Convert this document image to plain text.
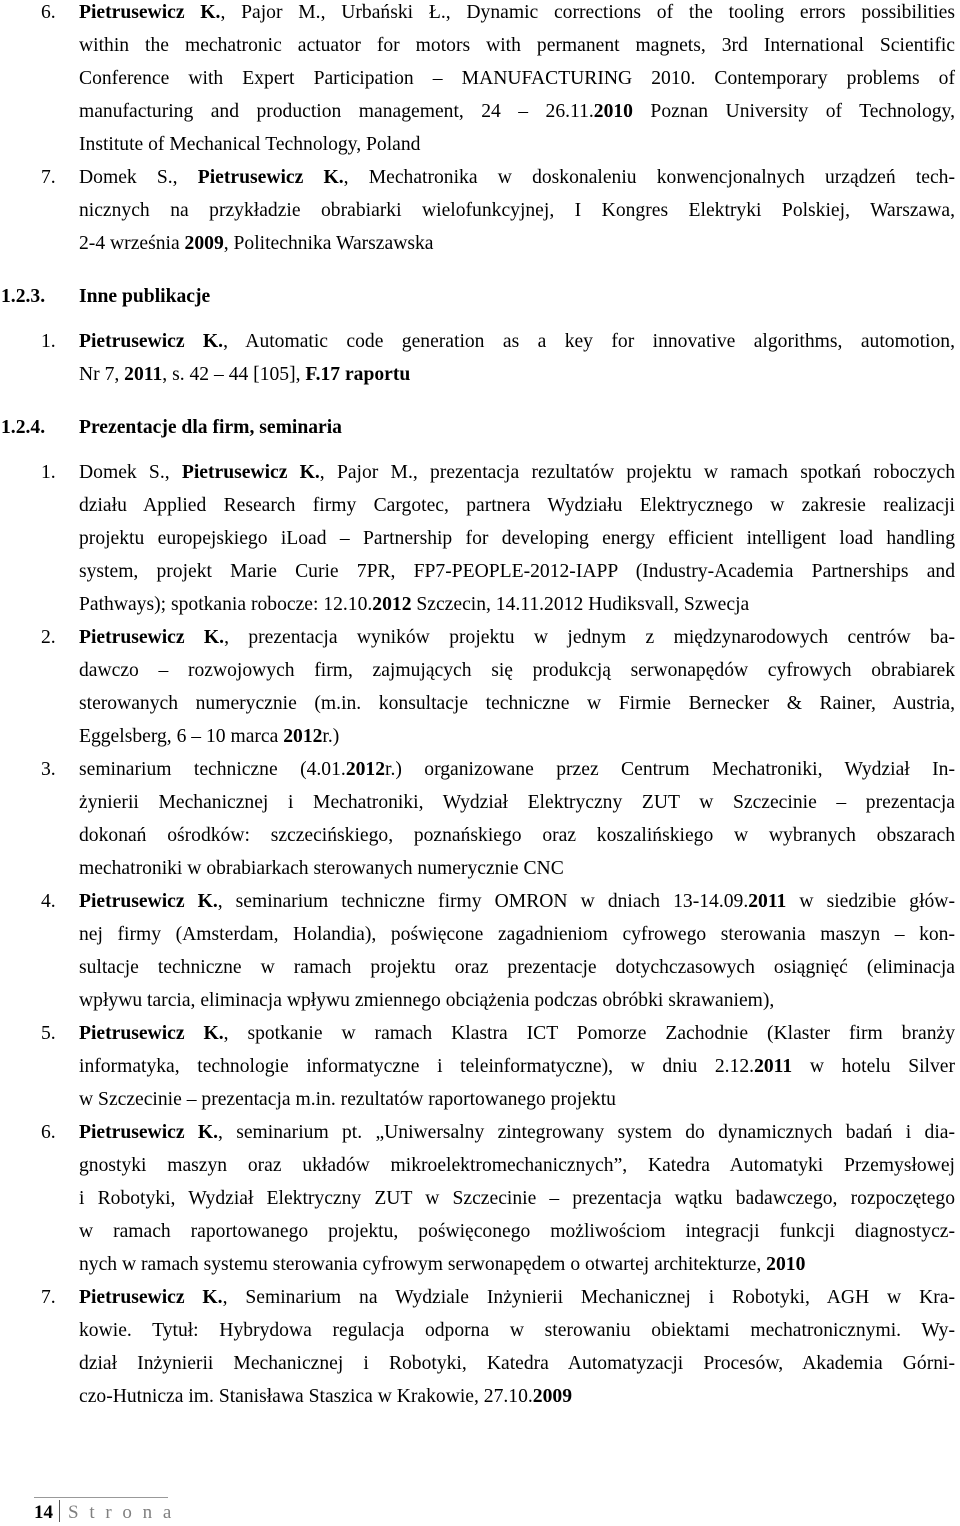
6.	Pietrusewicz K., Pajor M., Urbański Ł., Dynamic corrections of the tooling errors possibilities
within the mechatronic actuator for motors with permanent magnets, 3rd International Scientific
Conference with Expert Participation – MANUFACTURING 2010. Contemporary problems of
manufacturing and production management, 24 – 26.11.2010 Poznan University of Technology,
Institute of Mechanical Technology, Poland
7.	Domek S., Pietrusewicz K., Mechatronika w doskonaleniu konwencjonalnych urządzeń tech-
nicznych na przykładzie obrabiarki wielofunkcyjnej, I Kongres Elektryki Polskiej, Warszawa,
2-4 września 2009, Politechnika Warszawska
1.2.3.	Inne publikacje
1.	Pietrusewicz K., Automatic code generation as a key for innovative algorithms, automotion,
Nr 7, 2011, s. 42 – 44 [105], F.17 raportu
1.2.4.	Prezentacje dla firm, seminaria
1.	Domek S., Pietrusewicz K., Pajor M., prezentacja rezultatów projektu w ramach spotkań roboczych
działu Applied Research firmy Cargotec, partnera Wydziału Elektrycznego w zakresie realizacji
projektu europejskiego iLoad – Partnership for developing energy efficient intelligent load handling
system, projekt Marie Curie 7PR, FP7-PEOPLE-2012-IAPP (Industry-Academia Partnerships and
Pathways); spotkania robocze: 12.10.2012 Szczecin, 14.11.2012 Hudiksvall, Szwecja
2.	Pietrusewicz K., prezentacja wyników projektu w jednym z międzynarodowych centrów ba-
dawczo – rozwojowych firm, zajmujących się produkcją serwonapędów cyfrowych obrabiarek
sterowanych numerycznie (m.in. konsultacje techniczne w Firmie Bernecker & Rainer, Austria,
Eggelsberg, 6 – 10 marca 2012r.)
3.	seminarium techniczne (4.01.2012r.) organizowane przez Centrum Mechatroniki, Wydział In-
żynierii Mechanicznej i Mechatroniki, Wydział Elektryczny ZUT w Szczecinie – prezentacja
dokonań ośrodków: szczecińskiego, poznańskiego oraz koszalińskiego w wybranych obszarach
mechatroniki w obrabiarkach sterowanych numerycznie CNC
4.	Pietrusewicz K., seminarium techniczne firmy OMRON w dniach 13-14.09.2011 w siedzibie głów-
nej firmy (Amsterdam, Holandia), poświęcone zagadnieniom cyfrowego sterowania maszyn – kon-
sultacje techniczne w ramach projektu oraz prezentacje dotychczasowych osiągnięć (eliminacja
wpływu tarcia, eliminacja wpływu zmiennego obciążenia podczas obróbki skrawaniem),
5.	Pietrusewicz K., spotkanie w ramach Klastra ICT Pomorze Zachodnie (Klaster firm branży
informatyka, technologie informatyczne i teleinformatyczne), w dniu 2.12.2011 w hotelu Silver
w Szczecinie – prezentacja m.in. rezultatów raportowanego projektu
6.	Pietrusewicz K., seminarium pt. „Uniwersalny zintegrowany system do dynamicznych badań i dia-
gnostyki maszyn oraz układów mikroelektromechanicznych”, Katedra Automatyki Przemysłowej
i Robotyki, Wydział Elektryczny ZUT w Szczecinie – prezentacja wątku badawczego, rozpoczętego
w ramach raportowanego projektu, poświęconego możliwościom integracji funkcji diagnostycz-
nych w ramach systemu sterowania cyfrowym serwonapędem o otwartej architekturze, 2010
7.	Pietrusewicz K., Seminarium na Wydziale Inżynierii Mechanicznej i Robotyki, AGH w Kra-
kowie. Tytuł: Hybrydowa regulacja odporna w sterowaniu obiektami mechatronicznymi. Wy-
dział Inżynierii Mechanicznej i Robotyki, Katedra Automatyzacji Procesów, Akademia Górni-
czo-Hutnicza im. Stanisława Staszica w Krakowie, 27.10.2009
14 S t r o n a
